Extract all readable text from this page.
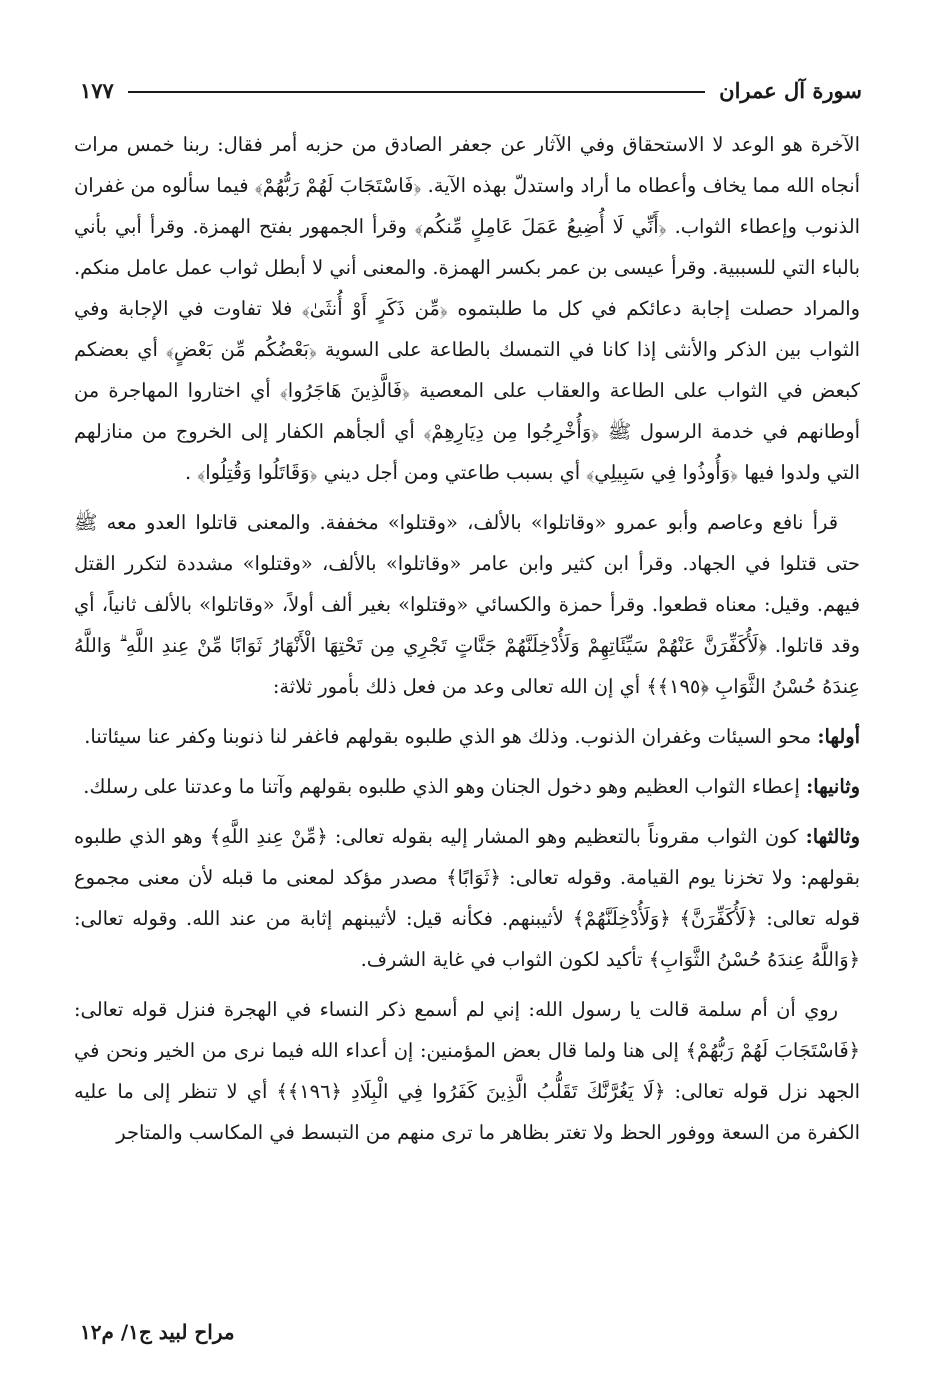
سورة آل عمران
١٧٧

الآخرة هو الوعد لا الاستحقاق وفي الآثار عن جعفر الصادق من حزبه أمر فقال: ربنا خمس مرات أنجاه الله مما يخاف وأعطاه ما أراد واستدلّ بهذه الآية. ﴿فَاسْتَجَابَ لَهُمْ رَبُّهُمْ﴾ فيما سألوه من غفران الذنوب وإعطاء الثواب. ﴿أَنِّي لَا أُضِيعُ عَمَلَ عَامِلٍ مِّنكُم﴾ وقرأ الجمهور بفتح الهمزة. وقرأ أبي بأني بالباء التي للسببية. وقرأ عيسى بن عمر بكسر الهمزة. والمعنى أني لا أبطل ثواب عمل عامل منكم. والمراد حصلت إجابة دعائكم في كل ما طلبتموه ﴿مِّن ذَكَرٍ أَوْ أُنثَىٰ﴾ فلا تفاوت في الإجابة وفي الثواب بين الذكر والأنثى إذا كانا في التمسك بالطاعة على السوية ﴿بَعْضُكُم مِّن بَعْضٍ﴾ أي بعضكم كبعض في الثواب على الطاعة والعقاب على المعصية ﴿فَالَّذِينَ هَاجَرُوا﴾ أي اختاروا المهاجرة من أوطانهم في خدمة الرسول ﷺ ﴿وَأُخْرِجُوا مِن دِيَارِهِمْ﴾ أي ألجأهم الكفار إلى الخروج من منازلهم التي ولدوا فيها ﴿وَأُوذُوا فِي سَبِيلِي﴾ أي بسبب طاعتي ومن أجل ديني ﴿وَقَاتَلُوا وَقُتِلُوا﴾ .

قرأ نافع وعاصم وأبو عمرو «وقاتلوا» بالألف، «وقتلوا» مخففة. والمعنى قاتلوا العدو معه ﷺ حتى قتلوا في الجهاد. وقرأ ابن كثير وابن عامر «وقاتلوا» بالألف، «وقتلوا» مشددة لتكرر القتل فيهم. وقيل: معناه قطعوا. وقرأ حمزة والكسائي «وقتلوا» بغير ألف أولاً، «وقاتلوا» بالألف ثانياً، أي وقد قاتلوا. ﴿لَأُكَفِّرَنَّ عَنْهُمْ سَيِّئَاتِهِمْ وَلَأُدْخِلَنَّهُمْ جَنَّاتٍ تَجْرِي مِن تَحْتِهَا الْأَنْهَارُ ثَوَابًا مِّنْ عِندِ اللَّهِ ۗ وَاللَّهُ عِندَهُ حُسْنُ الثَّوَابِ ﴿١٩٥﴾﴾ أي إن الله تعالى وعد من فعل ذلك بأمور ثلاثة:

أولها: محو السيئات وغفران الذنوب. وذلك هو الذي طلبوه بقولهم فاغفر لنا ذنوبنا وكفر عنا سيئاتنا.

وثانيها: إعطاء الثواب العظيم وهو دخول الجنان وهو الذي طلبوه بقولهم وآتنا ما وعدتنا على رسلك.

وثالثها: كون الثواب مقروناً بالتعظيم وهو المشار إليه بقوله تعالى: ﴿مِّنْ عِندِ اللَّهِ﴾ وهو الذي طلبوه بقولهم: ولا تخزنا يوم القيامة. وقوله تعالى: ﴿ثَوَابًا﴾ مصدر مؤكد لمعنى ما قبله لأن معنى مجموع قوله تعالى: ﴿لَأُكَفِّرَنَّ﴾ ﴿وَلَأُدْخِلَنَّهُمْ﴾ لأثيبنهم. فكأنه قيل: لأثيبنهم إثابة من عند الله. وقوله تعالى: ﴿وَاللَّهُ عِندَهُ حُسْنُ الثَّوَابِ﴾ تأكيد لكون الثواب في غاية الشرف.

روي أن أم سلمة قالت يا رسول الله: إني لم أسمع ذكر النساء في الهجرة فنزل قوله تعالى: ﴿فَاسْتَجَابَ لَهُمْ رَبُّهُمْ﴾ إلى هنا ولما قال بعض المؤمنين: إن أعداء الله فيما نرى من الخير ونحن في الجهد نزل قوله تعالى: ﴿لَا يَغُرَّنَّكَ تَقَلُّبُ الَّذِينَ كَفَرُوا فِي الْبِلَادِ ﴿١٩٦﴾﴾ أي لا تنظر إلى ما عليه الكفرة من السعة ووفور الحظ ولا تغتر بظاهر ما ترى منهم من التبسط في المكاسب والمتاجر

مراح لبيد ج١/ م١٢
